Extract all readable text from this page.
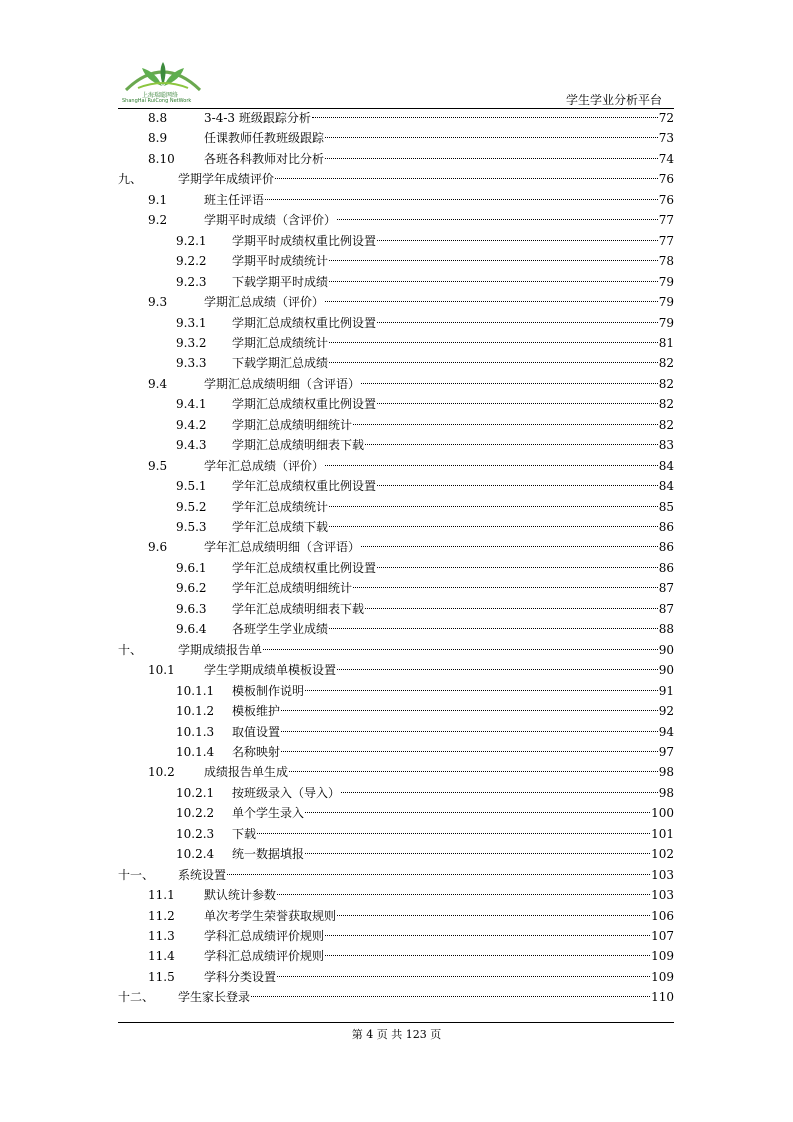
上海瑞聪网络
ShangHai RuiCong NetWork	学生学业分析平台
8.8	3-4-3 班级跟踪分析	72
8.9	任课教师任教班级跟踪	73
8.10 各班各科教师对比分析	74
九、	学期学年成绩评价	76
9.1	班主任评语	76
9.2	学期平时成绩（含评价）	77
9.2.1 学期平时成绩权重比例设置	77
9.2.2 学期平时成绩统计	78
9.2.3 下载学期平时成绩	79
9.3	学期汇总成绩（评价）	79
9.3.1 学期汇总成绩权重比例设置	79
9.3.2 学期汇总成绩统计	81
9.3.3 下载学期汇总成绩	82
9.4	学期汇总成绩明细（含评语）	82
9.4.1 学期汇总成绩权重比例设置	82
9.4.2 学期汇总成绩明细统计	82
9.4.3 学期汇总成绩明细表下载	83
9.5	学年汇总成绩（评价）	84
9.5.1 学年汇总成绩权重比例设置	84
9.5.2 学年汇总成绩统计	85
9.5.3 学年汇总成绩下载	86
9.6	学年汇总成绩明细（含评语）	86
9.6.1 学年汇总成绩权重比例设置	86
9.6.2 学年汇总成绩明细统计	87
9.6.3 学年汇总成绩明细表下载	87
9.6.4 各班学生学业成绩	88
十、	学期成绩报告单	90
10.1 学生学期成绩单模板设置	90
10.1.1 模板制作说明	91
10.1.2 模板维护	92
10.1.3 取值设置	94
10.1.4 名称映射	97
10.2 成绩报告单生成	98
10.2.1 按班级录入（导入）	98
10.2.2 单个学生录入	100
10.2.3 下载	101
10.2.4 统一数据填报	102
十一、 系统设置	103
11.1 默认统计参数	103
11.2 单次考学生荣誉获取规则	106
11.3 学科汇总成绩评价规则	107
11.4 学科汇总成绩评价规则	109
11.5 学科分类设置	109
十二、 学生家长登录	110
第 4 页 共 123 页
